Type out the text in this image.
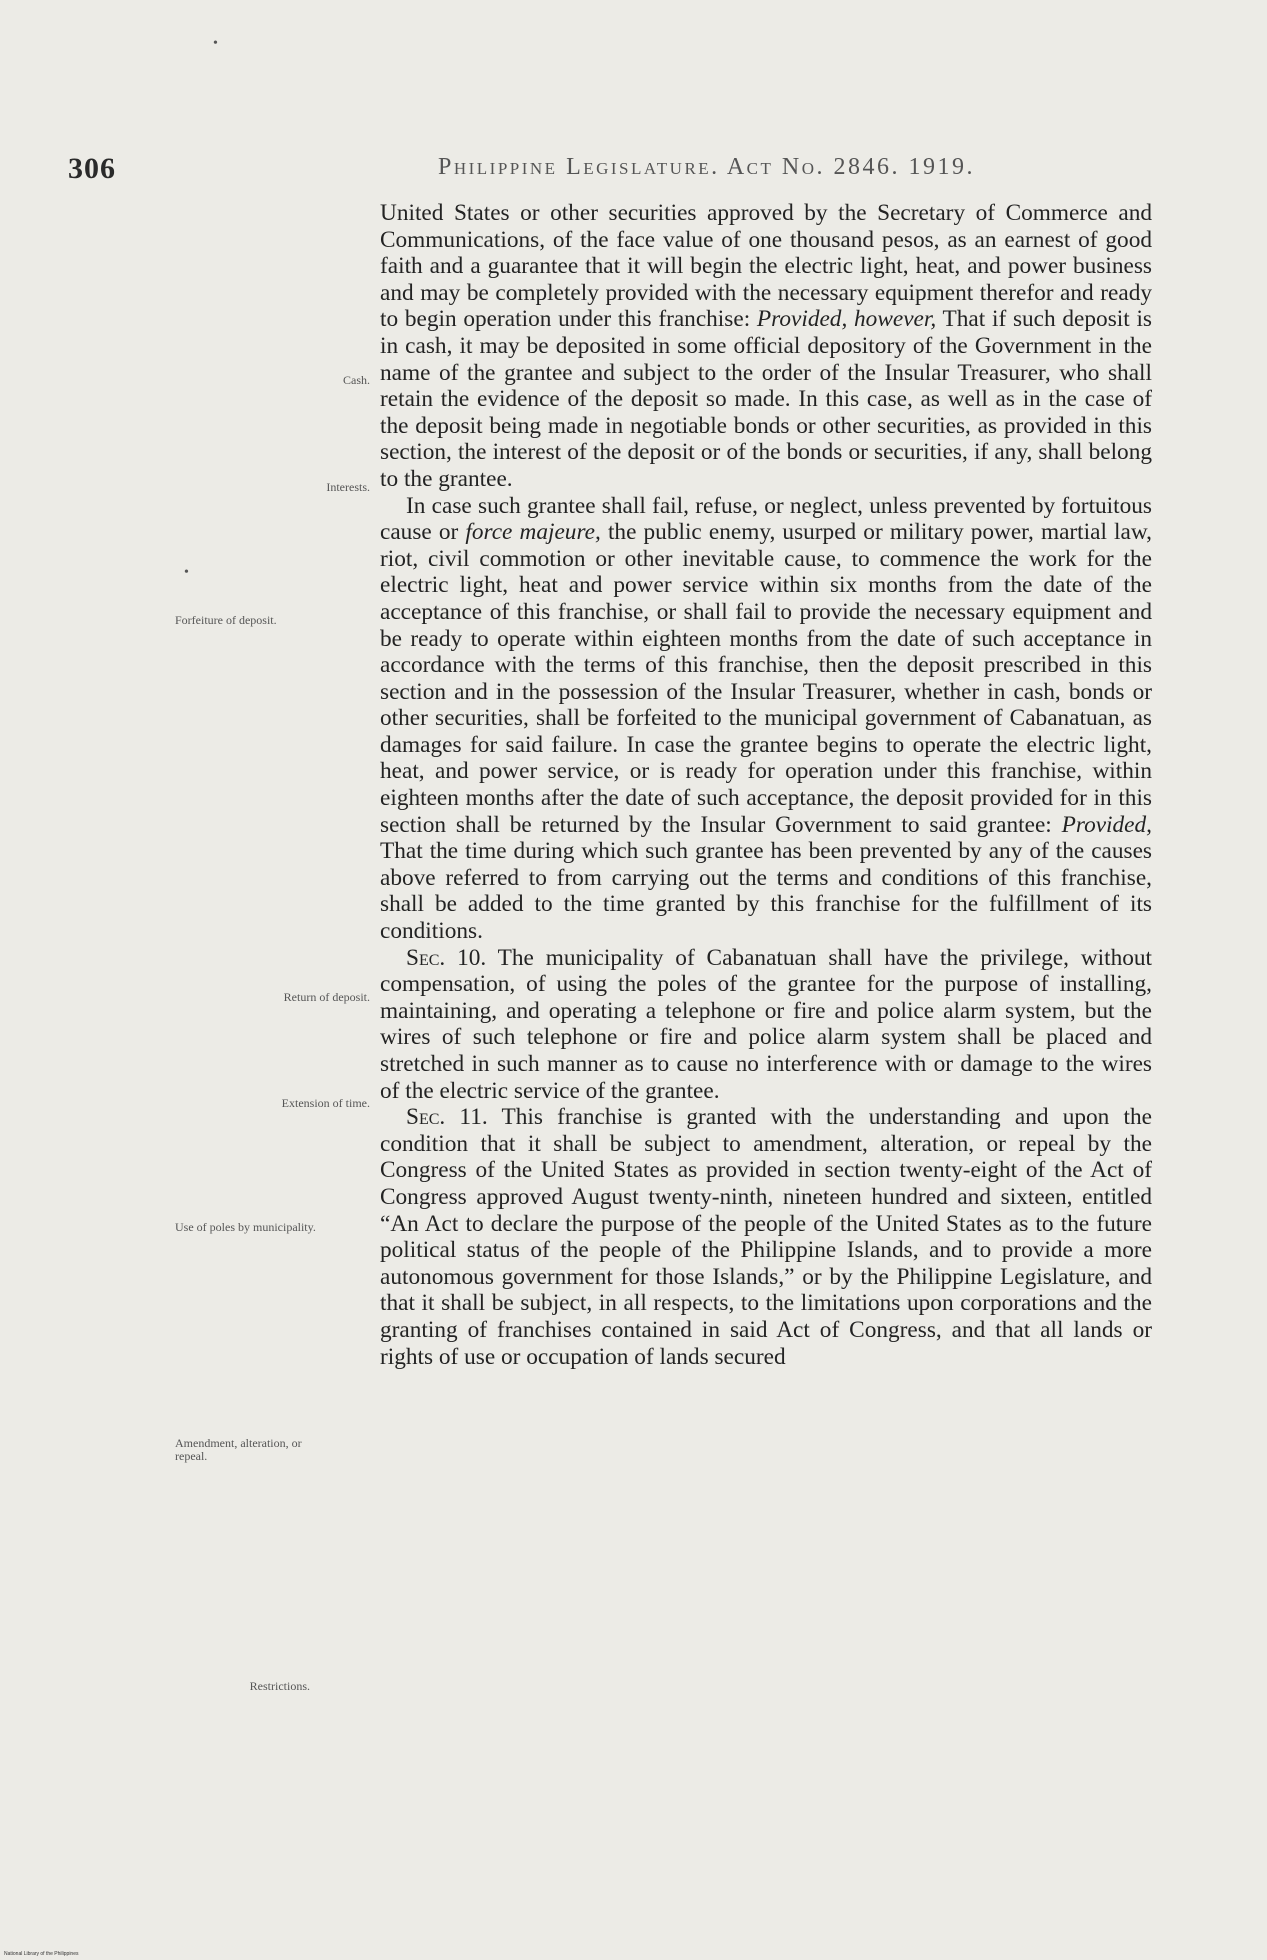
•
•
306	Philippine Legislature. Act No. 2846. 1919.
Cash.
Interests.
Forfeiture of deposit.
Return of deposit.
Extension of time.
Use of poles by municipality.
Amendment, alteration, or repeal.
Restrictions.

United States or other securities approved by the Secretary of Commerce and Communications, of the face value of one thousand pesos, as an earnest of good faith and a guarantee that it will begin the electric light, heat, and power business and may be completely provided with the necessary equipment therefor and ready to begin operation under this franchise: Provided, however, That if such deposit is in cash, it may be deposited in some official depository of the Government in the name of the grantee and subject to the order of the Insular Treasurer, who shall retain the evidence of the deposit so made. In this case, as well as in the case of the deposit being made in negotiable bonds or other securities, as provided in this section, the interest of the deposit or of the bonds or securities, if any, shall belong to the grantee.

In case such grantee shall fail, refuse, or neglect, unless prevented by fortuitous cause or force majeure, the public enemy, usurped or military power, martial law, riot, civil commotion or other inevitable cause, to commence the work for the electric light, heat and power service within six months from the date of the acceptance of this franchise, or shall fail to provide the necessary equipment and be ready to operate within eighteen months from the date of such acceptance in accordance with the terms of this franchise, then the deposit prescribed in this section and in the possession of the Insular Treasurer, whether in cash, bonds or other securities, shall be forfeited to the municipal government of Cabanatuan, as damages for said failure. In case the grantee begins to operate the electric light, heat, and power service, or is ready for operation under this franchise, within eighteen months after the date of such acceptance, the deposit provided for in this section shall be returned by the Insular Government to said grantee: Provided, That the time during which such grantee has been prevented by any of the causes above referred to from carrying out the terms and conditions of this franchise, shall be added to the time granted by this franchise for the fulfillment of its conditions.

Sec. 10. The municipality of Cabanatuan shall have the privilege, without compensation, of using the poles of the grantee for the purpose of installing, maintaining, and operating a telephone or fire and police alarm system, but the wires of such telephone or fire and police alarm system shall be placed and stretched in such manner as to cause no interference with or damage to the wires of the electric service of the grantee.

Sec. 11. This franchise is granted with the understanding and upon the condition that it shall be subject to amendment, alteration, or repeal by the Congress of the United States as provided in section twenty-eight of the Act of Congress approved August twenty-ninth, nineteen hundred and sixteen, entitled “An Act to declare the purpose of the people of the United States as to the future political status of the people of the Philippine Islands, and to provide a more autonomous government for those Islands,” or by the Philippine Legislature, and that it shall be subject, in all respects, to the limitations upon corporations and the granting of franchises contained in said Act of Congress, and that all lands or rights of use or occupation of lands secured

National Library of the Philippines
